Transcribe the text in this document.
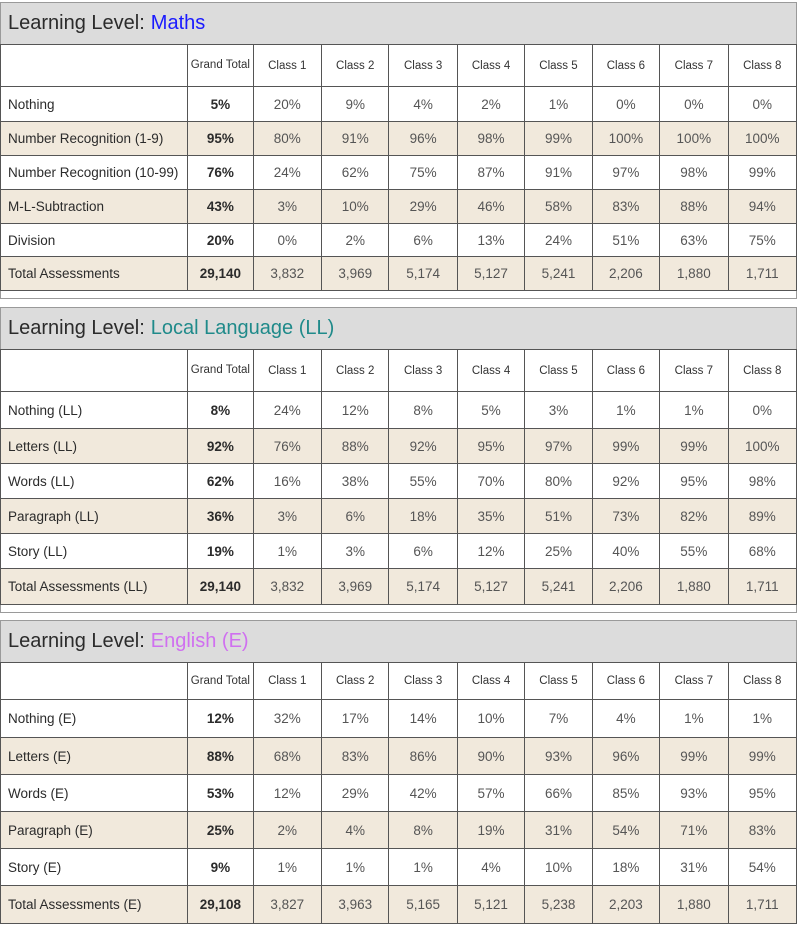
Learning Level: Maths
	Grand Total	Class 1	Class 2	Class 3	Class 4	Class 5	Class 6	Class 7	Class 8
Nothing	5%	20%	9%	4%	2%	1%	0%	0%	0%
Number Recognition (1-9)	95%	80%	91%	96%	98%	99%	100%	100%	100%
Number Recognition (10-99)	76%	24%	62%	75%	87%	91%	97%	98%	99%
M-L-Subtraction	43%	3%	10%	29%	46%	58%	83%	88%	94%
Division	20%	0%	2%	6%	13%	24%	51%	63%	75%
Total Assessments	29,140	3,832	3,969	5,174	5,127	5,241	2,206	1,880	1,711
Learning Level: Local Language (LL)
	Grand Total	Class 1	Class 2	Class 3	Class 4	Class 5	Class 6	Class 7	Class 8
Nothing (LL)	8%	24%	12%	8%	5%	3%	1%	1%	0%
Letters (LL)	92%	76%	88%	92%	95%	97%	99%	99%	100%
Words (LL)	62%	16%	38%	55%	70%	80%	92%	95%	98%
Paragraph (LL)	36%	3%	6%	18%	35%	51%	73%	82%	89%
Story (LL)	19%	1%	3%	6%	12%	25%	40%	55%	68%
Total Assessments (LL)	29,140	3,832	3,969	5,174	5,127	5,241	2,206	1,880	1,711
Learning Level: English (E)
	Grand Total	Class 1	Class 2	Class 3	Class 4	Class 5	Class 6	Class 7	Class 8
Nothing (E)	12%	32%	17%	14%	10%	7%	4%	1%	1%
Letters (E)	88%	68%	83%	86%	90%	93%	96%	99%	99%
Words (E)	53%	12%	29%	42%	57%	66%	85%	93%	95%
Paragraph (E)	25%	2%	4%	8%	19%	31%	54%	71%	83%
Story (E)	9%	1%	1%	1%	4%	10%	18%	31%	54%
Total Assessments (E)	29,108	3,827	3,963	5,165	5,121	5,238	2,203	1,880	1,711
